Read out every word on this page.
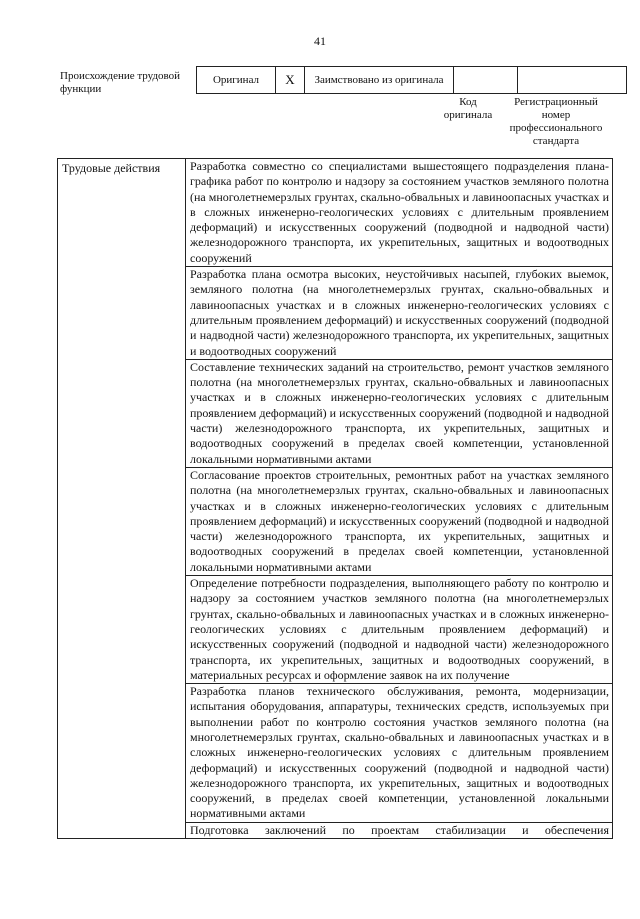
41
Происхождение трудовой функции
Оригинал	X	Заимствовано из оригинала		
Код оригинала
Регистрационный номер профессионального стандарта
Трудовые действия	Разработка совместно со специалистами вышестоящего подразделения плана-графика работ по контролю и надзору за состоянием участков земляного полотна (на многолетнемерзлых грунтах, скально-обвальных и лавиноопасных участках и в сложных инженерно-геологических условиях с длительным проявлением деформаций) и искусственных сооружений (подводной и надводной части) железнодорожного транспорта, их укрепительных, защитных и водоотводных сооружений
Разработка плана осмотра высоких, неустойчивых насыпей, глубоких выемок, земляного полотна (на многолетнемерзлых грунтах, скально-обвальных и лавиноопасных участках и в сложных инженерно-геологических условиях с длительным проявлением деформаций) и искусственных сооружений (подводной и надводной части) железнодорожного транспорта, их укрепительных, защитных и водоотводных сооружений
Составление технических заданий на строительство, ремонт участков земляного полотна (на многолетнемерзлых грунтах, скально-обвальных и лавиноопасных участках и в сложных инженерно-геологических условиях с длительным проявлением деформаций) и искусственных сооружений (подводной и надводной части) железнодорожного транспорта, их укрепительных, защитных и водоотводных сооружений в пределах своей компетенции, установленной локальными нормативными актами
Согласование проектов строительных, ремонтных работ на участках земляного полотна (на многолетнемерзлых грунтах, скально-обвальных и лавиноопасных участках и в сложных инженерно-геологических условиях с длительным проявлением деформаций) и искусственных сооружений (подводной и надводной части) железнодорожного транспорта, их укрепительных, защитных и водоотводных сооружений в пределах своей компетенции, установленной локальными нормативными актами
Определение потребности подразделения, выполняющего работу по контролю и надзору за состоянием участков земляного полотна (на многолетнемерзлых грунтах, скально-обвальных и лавиноопасных участках и в сложных инженерно-геологических условиях с длительным проявлением деформаций) и искусственных сооружений (подводной и надводной части) железнодорожного транспорта, их укрепительных, защитных и водоотводных сооружений, в материальных ресурсах и оформление заявок на их получение
Разработка планов технического обслуживания, ремонта, модернизации, испытания оборудования, аппаратуры, технических средств, используемых при выполнении работ по контролю состояния участков земляного полотна (на многолетнемерзлых грунтах, скально-обвальных и лавиноопасных участках и в сложных инженерно-геологических условиях с длительным проявлением деформаций) и искусственных сооружений (подводной и надводной части) железнодорожного транспорта, их укрепительных, защитных и водоотводных сооружений, в пределах своей компетенции, установленной локальными нормативными актами
Подготовка заключений по проектам стабилизации и обеспечения
